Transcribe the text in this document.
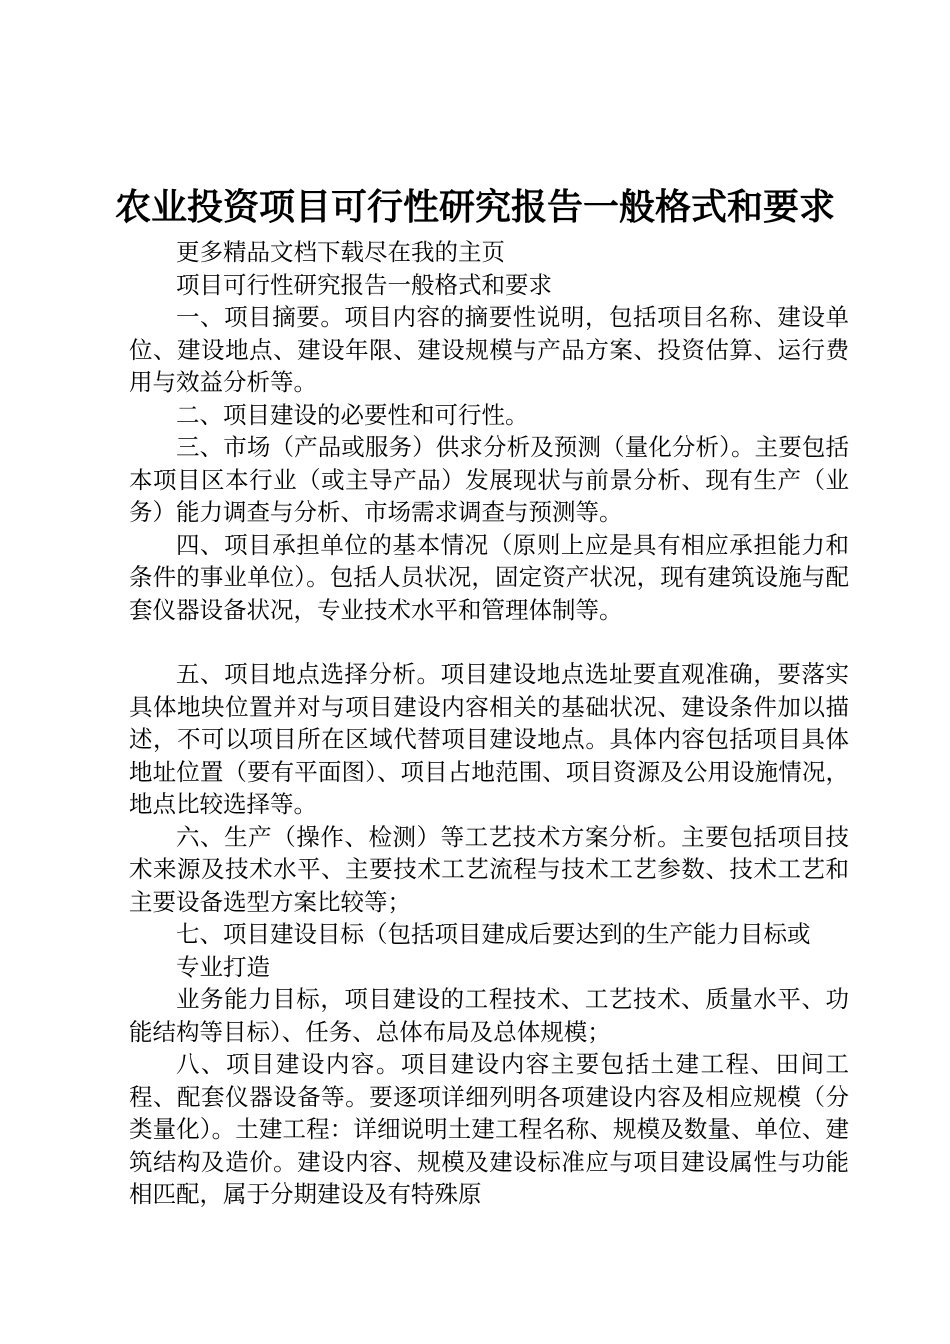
农业投资项目可行性研究报告一般格式和要求

更多精品文档下载尽在我的主页

项目可行性研究报告一般格式和要求

一、项目摘要。项目内容的摘要性说明，包括项目名称、建设单位、建设地点、建设年限、建设规模与产品方案、投资估算、运行费用与效益分析等。

二、项目建设的必要性和可行性。

三、市场（产品或服务）供求分析及预测（量化分析）。主要包括本项目区本行业（或主导产品）发展现状与前景分析、现有生产（业务）能力调查与分析、市场需求调查与预测等。

四、项目承担单位的基本情况（原则上应是具有相应承担能力和条件的事业单位）。包括人员状况，固定资产状况，现有建筑设施与配套仪器设备状况，专业技术水平和管理体制等。

五、项目地点选择分析。项目建设地点选址要直观准确，要落实具体地块位置并对与项目建设内容相关的基础状况、建设条件加以描述，不可以项目所在区域代替项目建设地点。具体内容包括项目具体地址位置（要有平面图）、项目占地范围、项目资源及公用设施情况，地点比较选择等。

六、生产（操作、检测）等工艺技术方案分析。主要包括项目技术来源及技术水平、主要技术工艺流程与技术工艺参数、技术工艺和主要设备选型方案比较等；

七、项目建设目标（包括项目建成后要达到的生产能力目标或

专业打造

业务能力目标，项目建设的工程技术、工艺技术、质量水平、功能结构等目标）、任务、总体布局及总体规模；

八、项目建设内容。项目建设内容主要包括土建工程、田间工程、配套仪器设备等。要逐项详细列明各项建设内容及相应规模（分类量化）。土建工程：详细说明土建工程名称、规模及数量、单位、建筑结构及造价。建设内容、规模及建设标准应与项目建设属性与功能相匹配，属于分期建设及有特殊原
